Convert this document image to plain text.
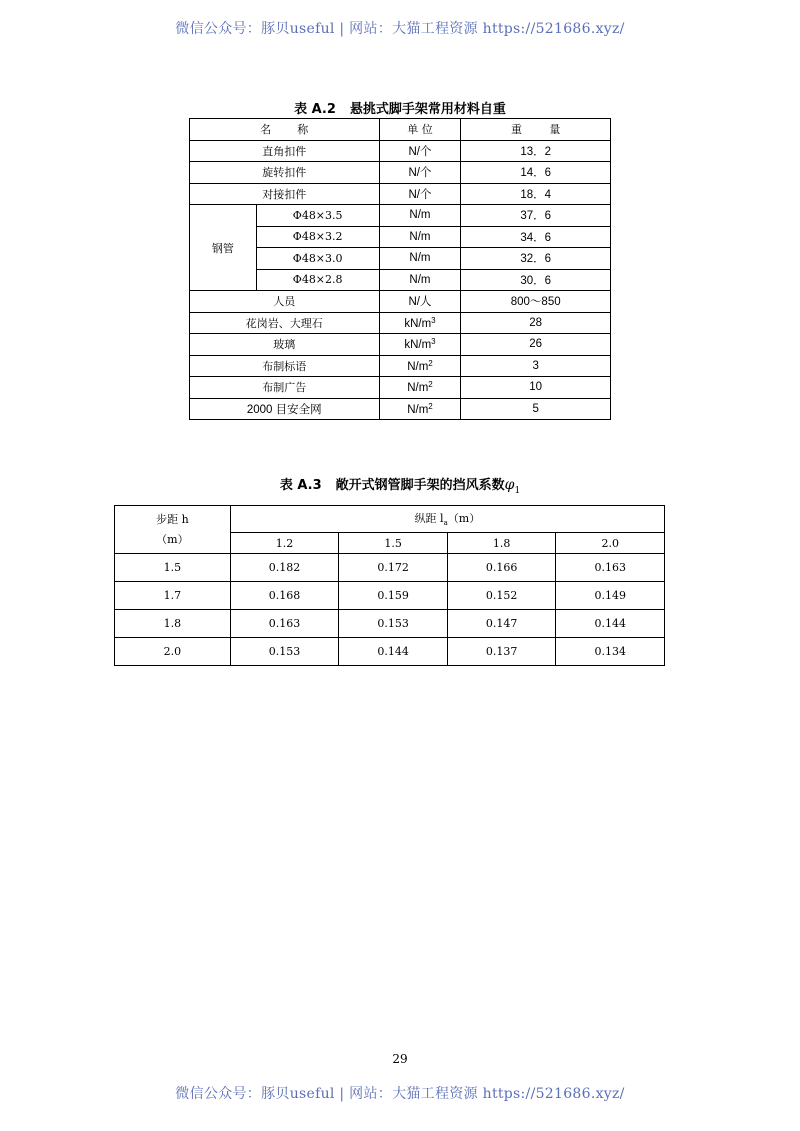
微信公众号：豚贝useful | 网站：大猫工程资源 https://521686.xyz/
表 A.2 悬挑式脚手架常用材料自重
名称		单 位	重 量
直角扣件		N/个	13．2
旋转扣件		N/个	14．6
对接扣件		N/个	18．4
钢管	Φ48×3.5	N/m	37．6
	Φ48×3.2	N/m	34．6
	Φ48×3.0	N/m	32．6
	Φ48×2.8	N/m	30．6
人员		N/人	800～850
花岗岩、大理石		$kN/m^3$	28
玻璃		$kN/m^3$	26
布制标语		$N/m^2$	3
布制广告		$N/m^2$	10
2000 目安全网		$N/m^2$	5
表 A.3 敞开式钢管脚手架的挡风系数$\varphi_1$
步距 h
（m）	纵距 $l_a(m)$			
	1.2	1.5	1.8	2.0
1.5	0.182	0.172	0.166	0.163
1.7	0.168	0.159	0.152	0.149
1.8	0.163	0.153	0.147	0.144
2.0	0.153	0.144	0.137	0.134
29
微信公众号：豚贝useful | 网站：大猫工程资源 https://521686.xyz/
